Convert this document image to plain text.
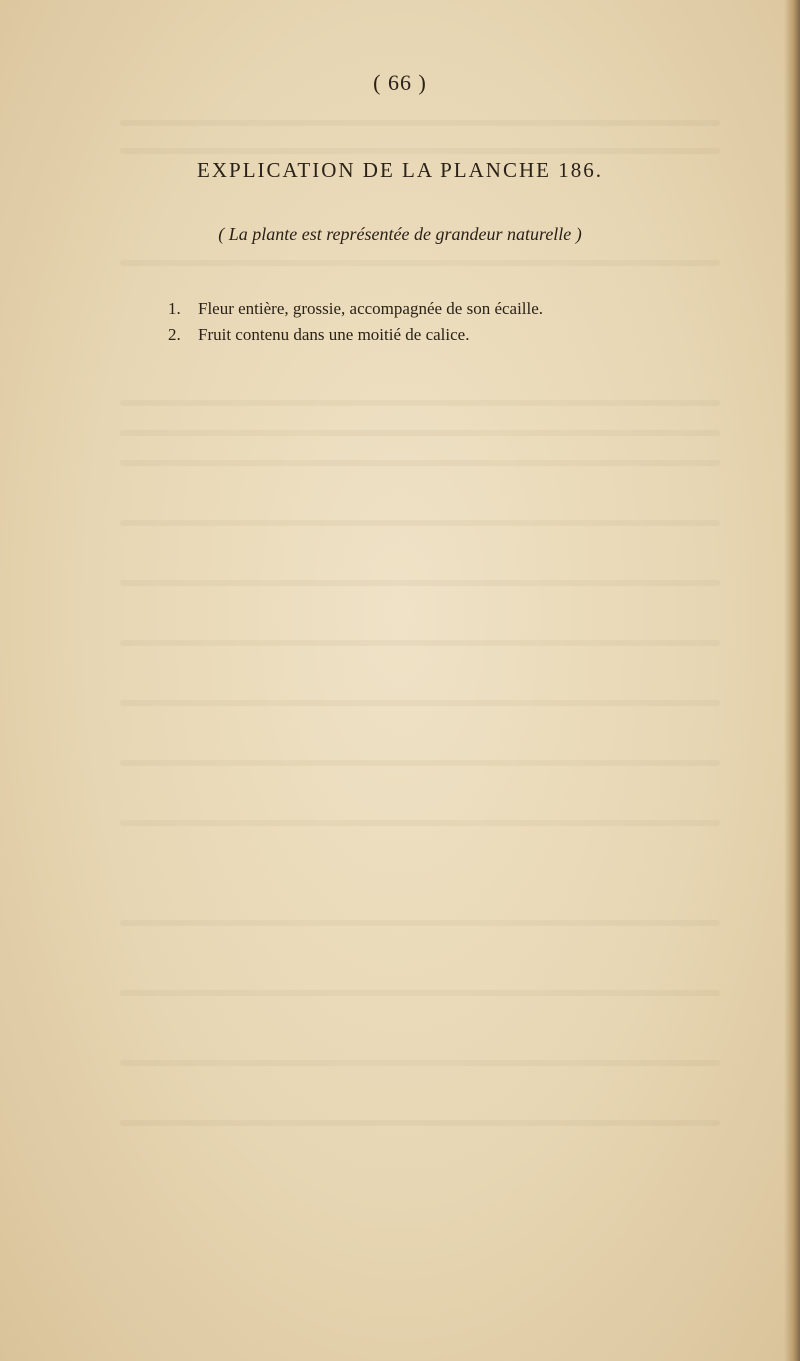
( 66 )
EXPLICATION DE LA PLANCHE 186.
( La plante est représentée de grandeur naturelle )
1. Fleur entière, grossie, accompagnée de son écaille.
2. Fruit contenu dans une moitié de calice.
